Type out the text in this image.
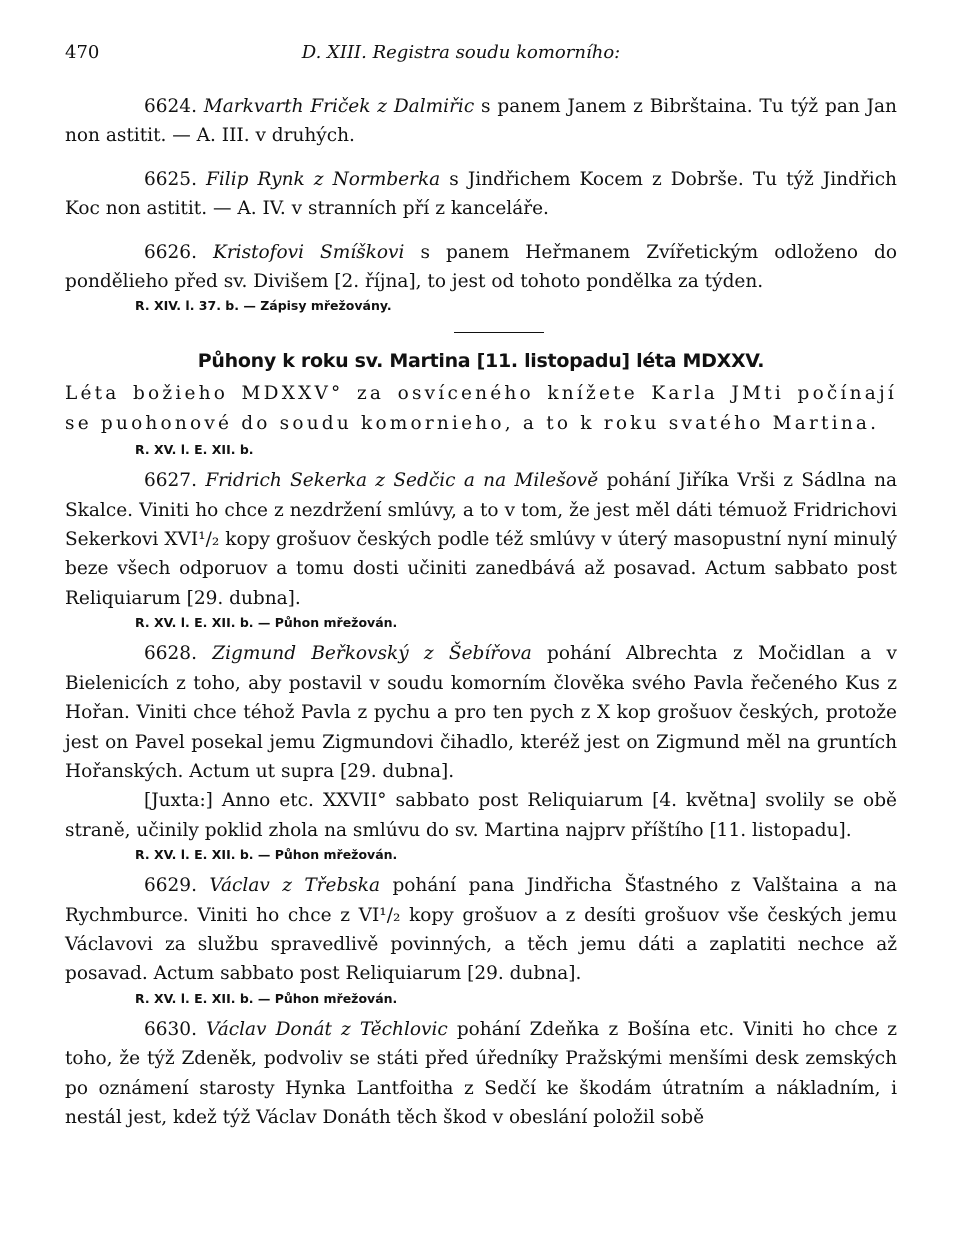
470	D. XIII. Registra soudu komorního:

6624. Markvarth Friček z Dalmiřic s panem Janem z Bibrštaina. Tu týž pan Jan non astitit. — A. III. v druhých.

6625. Filip Rynk z Normberka s Jindřichem Kocem z Dobrše. Tu týž Jindřich Koc non astitit. — A. IV. v stranních pří z kanceláře.

6626. Kristofovi Smíškovi s panem Heřmanem Zvířetickým odloženo do pondělieho před sv. Divišem [2. října], to jest od tohoto pondělka za týden.

R. XIV. l. 37. b. — Zápisy mřežovány.
Půhony k roku sv. Martina [11. listopadu] léta MDXXV.

Léta božieho MDXXV° za osvíceného knížete Karla JMti počínají se puohonové do soudu komornieho, a to k roku svatého Martina.

R. XV. l. E. XII. b.

6627. Fridrich Sekerka z Sedčic a na Milešově pohání Jiříka Vrši z Sádlna na Skalce. Viniti ho chce z nezdržení smlúvy, a to v tom, že jest měl dáti témuož Fridrichovi Sekerkovi XVI¹/₂ kopy grošuov českých podle též smlúvy v úterý masopustní nyní minulý beze všech odporuov a tomu dosti učiniti zanedbává až posavad. Actum sabbato post Reliquiarum [29. dubna].

R. XV. l. E. XII. b. — Půhon mřežován.

6628. Zigmund Beřkovský z Šebířova pohání Albrechta z Močidlan a v Bielenicích z toho, aby postavil v soudu komorním člověka svého Pavla řečeného Kus z Hořan. Viniti chce téhož Pavla z pychu a pro ten pych z X kop grošuov českých, protože jest on Pavel posekal jemu Zigmundovi čihadlo, kteréž jest on Zigmund měl na gruntích Hořanských. Actum ut supra [29. dubna].

[Juxta:] Anno etc. XXVII° sabbato post Reliquiarum [4. května] svolily se obě straně, učinily poklid zhola na smlúvu do sv. Martina najprv příštího [11. listopadu].

R. XV. l. E. XII. b. — Půhon mřežován.

6629. Václav z Třebska pohání pana Jindřicha Šťastného z Valštaina a na Rychmburce. Viniti ho chce z VI¹/₂ kopy grošuov a z desíti grošuov vše českých jemu Václavovi za službu spravedlivě povinných, a těch jemu dáti a zaplatiti nechce až posavad. Actum sabbato post Reliquiarum [29. dubna].

R. XV. l. E. XII. b. — Půhon mřežován.

6630. Václav Donát z Těchlovic pohání Zdeňka z Bošína etc. Viniti ho chce z toho, že týž Zdeněk, podvoliv se státi před úředníky Pražskými menšími desk zemských po oznámení starosty Hynka Lantfoitha z Sedčí ke škodám útratním a nákladním, i nestál jest, kdež týž Václav Donáth těch škod v obeslání položil sobě
